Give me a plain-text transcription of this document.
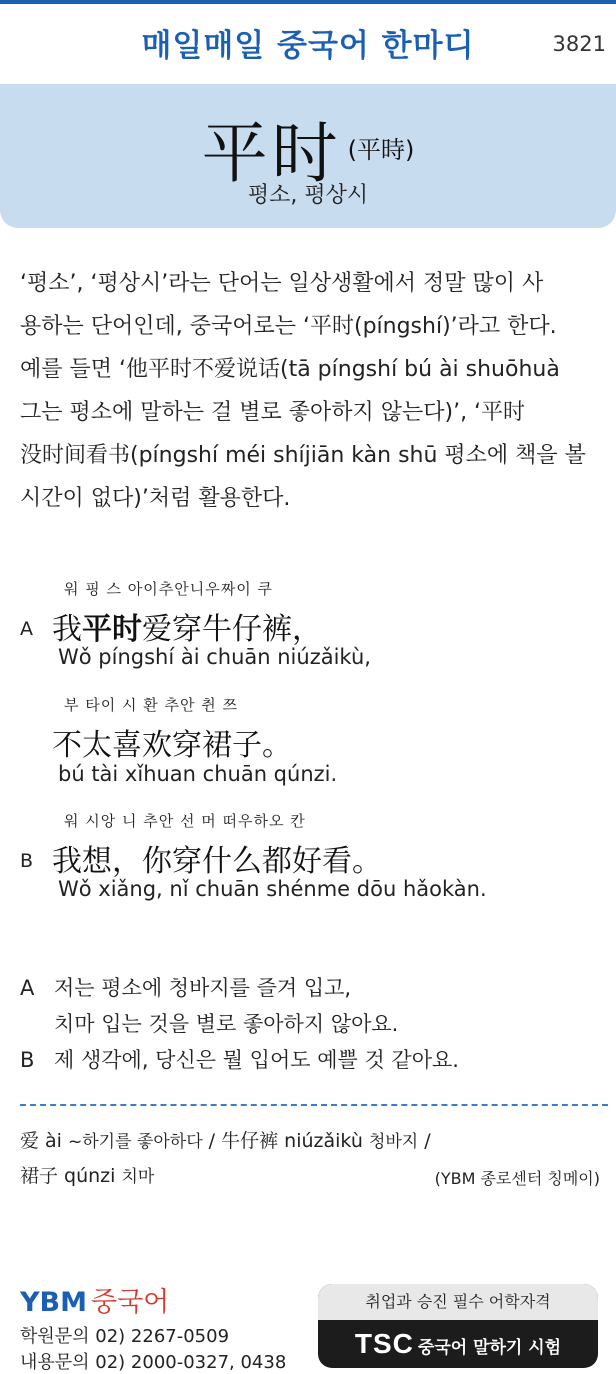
매일매일 중국어 한마디	3821
平时 (平時)
평소, 평상시
‘평소’, ‘평상시’라는 단어는 일상생활에서 정말 많이 사
용하는 단어인데, 중국어로는 ‘平时(píngshí)’라고 한다.
예를 들면 ‘他平时不爱说话(tā píngshí bú ài shuōhuà
그는 평소에 말하는 걸 별로 좋아하지 않는다)’, ‘平时
没时间看书(píngshí méi shíjiān kàn shū 평소에 책을 볼
시간이 없다)’처럼 활용한다.
워 핑 스 아이추안니우짜이 쿠
A 我平时爱穿牛仔裤，
Wǒ píngshí ài chuān niúzǎikù,
부 타이 시 환 추안 췬 쯔
不太喜欢穿裙子。
bú tài xǐhuan chuān qúnzi.
워 시앙 니 추안 선 머 떠우하오 칸
B 我想，你穿什么都好看。
Wǒ xiǎng, nǐ chuān shénme dōu hǎokàn.
A 저는 평소에 청바지를 즐겨 입고,
치마 입는 것을 별로 좋아하지 않아요.
B 제 생각에, 당신은 뭘 입어도 예쁠 것 같아요.
爱 ài ~하기를 좋아하다 / 牛仔裤 niúzǎikù 청바지 /
裙子 qúnzi 치마	(YBM 종로센터 칭메이)
YBM 중국어
학원문의 02) 2267-0509
내용문의 02) 2000-0327, 0438
취업과 승진 필수 어학자격
TSC 중국어 말하기 시험
